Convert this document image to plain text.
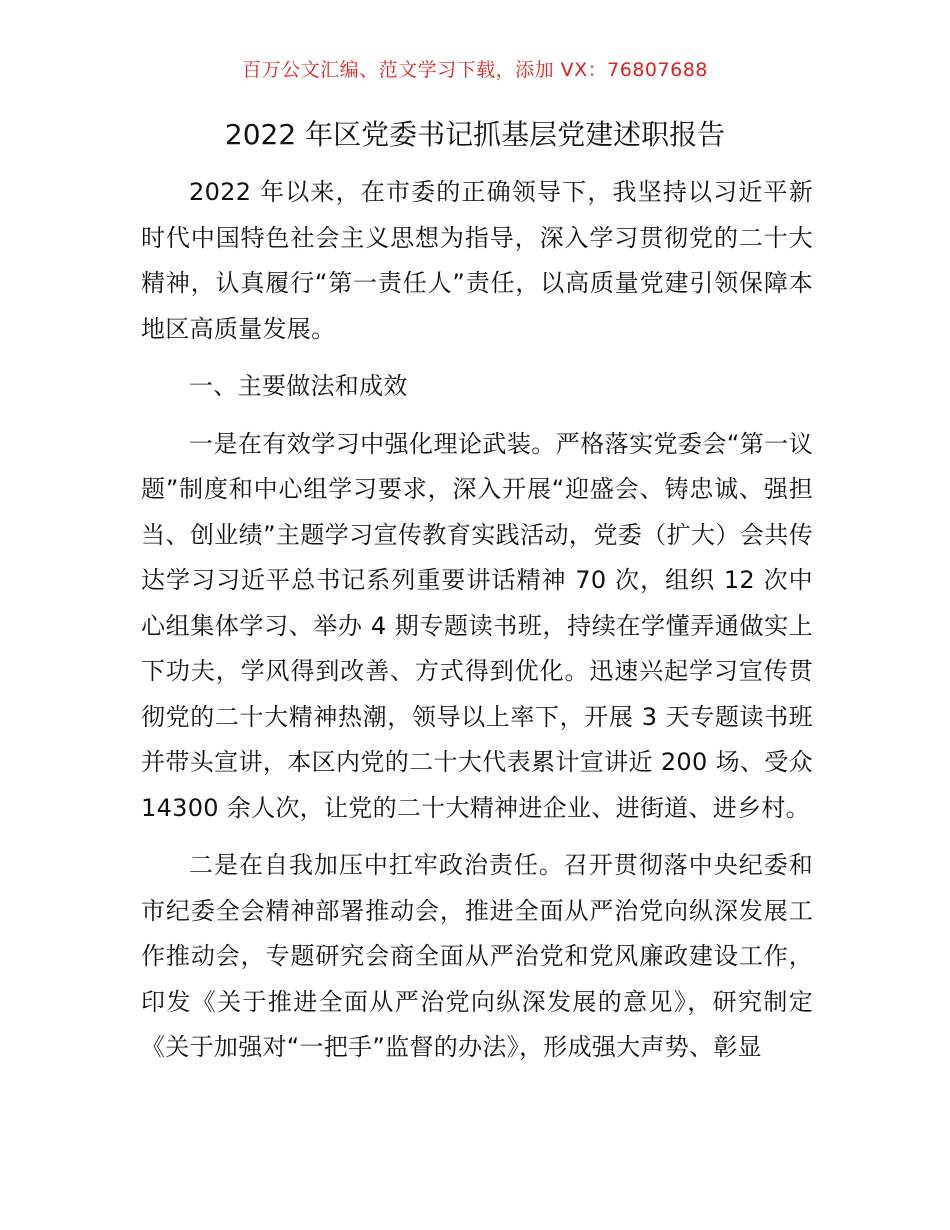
百万公文汇编、范文学习下载，添加 VX：76807688
2022 年区党委书记抓基层党建述职报告

2022 年以来，在市委的正确领导下，我坚持以习近平新时代中国特色社会主义思想为指导，深入学习贯彻党的二十大精神，认真履行“第一责任人”责任，以高质量党建引领保障本地区高质量发展。

一、主要做法和成效

一是在有效学习中强化理论武装。严格落实党委会“第一议题”制度和中心组学习要求，深入开展“迎盛会、铸忠诚、强担当、创业绩”主题学习宣传教育实践活动，党委（扩大）会共传达学习习近平总书记系列重要讲话精神 70 次，组织 12 次中心组集体学习、举办 4 期专题读书班，持续在学懂弄通做实上下功夫，学风得到改善、方式得到优化。迅速兴起学习宣传贯彻党的二十大精神热潮，领导以上率下，开展 3 天专题读书班并带头宣讲，本区内党的二十大代表累计宣讲近 200 场、受众 14300 余人次，让党的二十大精神进企业、进街道、进乡村。

二是在自我加压中扛牢政治责任。召开贯彻落中央纪委和市纪委全会精神部署推动会，推进全面从严治党向纵深发展工作推动会，专题研究会商全面从严治党和党风廉政建设工作，印发《关于推进全面从严治党向纵深发展的意见》，研究制定《关于加强对“一把手”监督的办法》，形成强大声势、彰显
